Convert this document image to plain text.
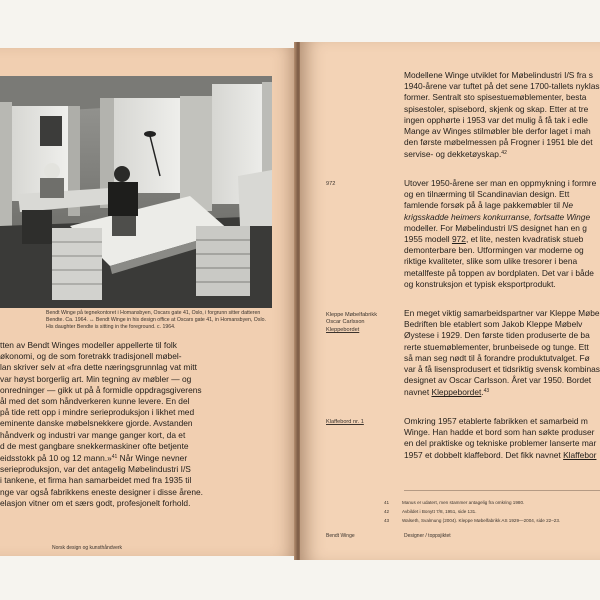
Bendt Winge på tegnekontoret i Homansbyen, Oscars gate 41, Oslo, i forgrunn sitter datteren Bendte. Ca. 1964. ↔ Bendt Winge in his design office at Oscars gate 41, in Homansbyen, Oslo. His daughter Bendte is sitting in the foreground. c. 1964.

tten av Bendt Winges modeller appellerte til folk

økonomi, og de som foretrakk tradisjonell møbel-

lan skriver selv at «fra dette næringsgrunnlag vat mitt

var høyst borgerlig art. Min tegning av møbler — og

onredninger — gikk ut på å formidle oppdragsgiverens

ål med det som håndverkeren kunne levere. En del

på tide rett opp i mindre serieproduksjon i likhet med

eminente danske møbelsnekkere gjorde. Avstanden

håndverk og industri var mange ganger kort, da et

d de mest gangbare snekkermaskiner ofte betjente

eidsstokk på 10 og 12 mann.»$^{41}$ Når Winge nevner

serieproduksjon, var det antagelig Møbelindustri I/S

i tankene, et firma han samarbeidet med fra 1935 til

nge var også fabrikkens eneste designer i disse årene.

elasjon vitner om et særs godt, profesjonelt forhold.

Norsk design og kunsthåndverk

Modellene Winge utviklet for Møbelindustri I/S fra s

1940-årene var tuftet på det sene 1700-tallets nyklas

former. Sentralt sto spisestuemøblementer, besta

spisestoler, spisebord, skjenk og skap. Etter at tre

ingen opphørte i 1953 var det mulig å få tak i edle

Mange av Winges stilmøbler ble derfor laget i mah

den første møbelmessen på Frogner i 1951 ble det

servise- og dekketøyskap.$^{42}$

972	Utover 1950-årene ser man en oppmykning i formre

og en tilnærming til Scandinavian design. Ett

famlende forsøk på å lage pakkemøbler til Ne

krigsskadde heimers konkurranse, fortsatte Winge

modeller. For Møbelindustri I/S designet han en g

1955 modell 972, et lite, nesten kvadratisk stueb

demonterbare ben. Utformingen var moderne og

riktige kvaliteter, slike som ulike tresorer i bena

metallfeste på toppen av bordplaten. Det var i både

og konstruksjon et typisk eksportprodukt.

Kleppe Møbelfabrikk
Oscar Carlsson
Kleppebordet

En meget viktig samarbeidspartner var Kleppe Møbe

Bedriften ble etablert som Jakob Kleppe Møbelv

Øystese i 1929. Den første tiden produserte de ba

rerte stuemøblementer, brunbeisede og tunge. Ett

så man seg nødt til å forandre produktutvalget. Fø

var å få lisensprodusert et tidsriktig svensk kombinas

designet av Oscar Carlsson. Året var 1950. Bordet

navnet Kleppebordet.$^{43}$

Klaffebord nr. 1	Omkring 1957 etablerte fabrikken et samarbeid m

Winge. Han hadde et bord som han søkte produser

en del praktiske og tekniske problemer lanserte mar

1957 et dobbelt klaffebord. Det fikk navnet Klaffebor

41	Manus er udatert, men stammer antagelig fra omkring 1980.
42	Avbildet i Bonytt 7/8, 1951, side 131.
43	Walseth, Svalmung (2004). Kleppe Møbelfabrikk AS 1929—2004, side 22–23.
Bendt Winge	Designer / toppsjiktet
